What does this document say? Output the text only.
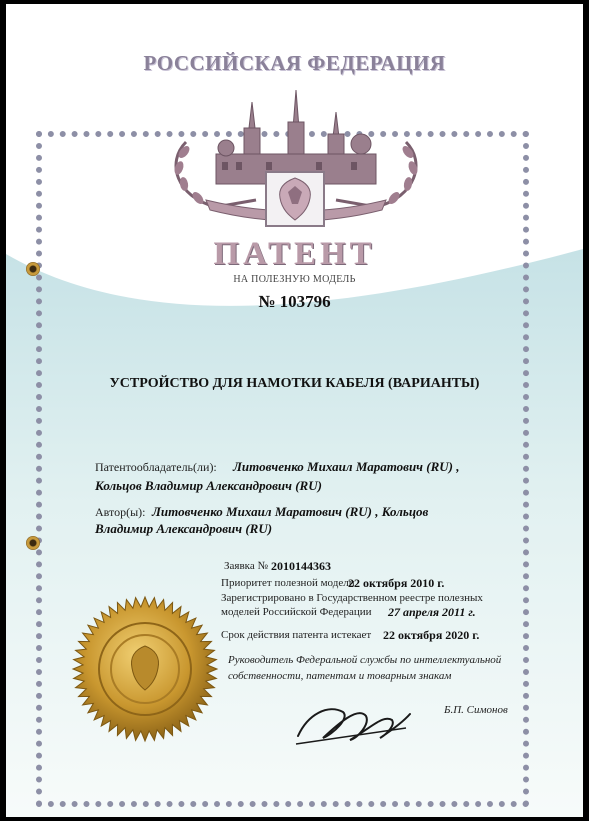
РОССИЙСКАЯ ФЕДЕРАЦИЯ

ПАТЕНТ

НА ПОЛЕЗНУЮ МОДЕЛЬ

№ 103796

УСТРОЙСТВО ДЛЯ НАМОТКИ КАБЕЛЯ (ВАРИАНТЫ)

Патентообладатель(ли): Литовченко Михаил Маратович (RU) ,

Кольцов Владимир Александрович (RU)

Автор(ы): Литовченко Михаил Маратович (RU) , Кольцов

Владимир Александрович (RU)

Заявка № 2010144363

Приоритет полезной модели

22 октября 2010 г.

Зарегистрировано в Государственном реестре полезных

моделей Российской Федерации 27 апреля 2011 г.

Срок действия патента истекает 22 октября 2020 г.

Руководитель Федеральной службы по интеллектуальной

собственности, патентам и товарным знакам

Б.П. Симонов
